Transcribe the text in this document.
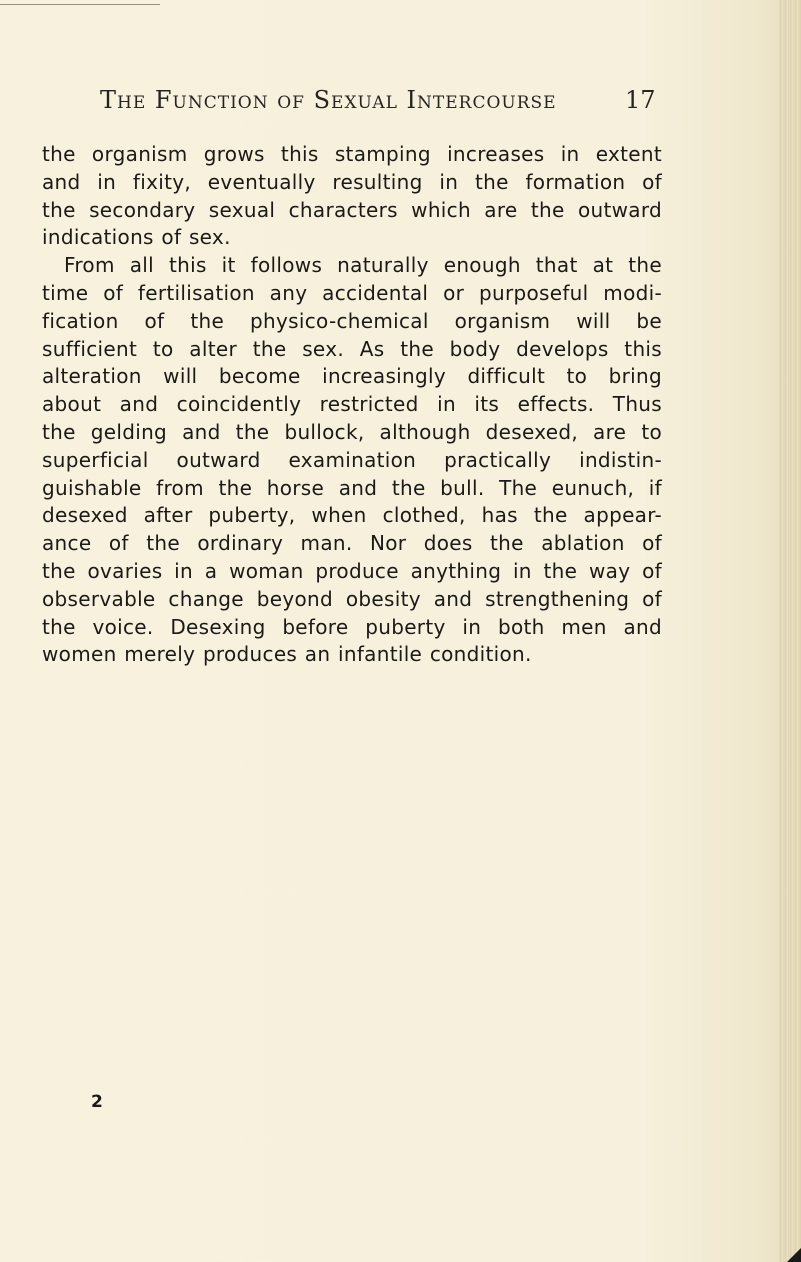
The Function of Sexual Intercourse	17
the organism grows this stamping increases in extent
and in fixity, eventually resulting in the formation of
the secondary sexual characters which are the outward
indications of sex.
From all this it follows naturally enough that at the
time of fertilisation any accidental or purposeful modi-
fication of the physico-chemical organism will be
sufficient to alter the sex. As the body develops this
alteration will become increasingly difficult to bring
about and coincidently restricted in its effects. Thus
the gelding and the bullock, although desexed, are to
superficial outward examination practically indistin-
guishable from the horse and the bull. The eunuch, if
desexed after puberty, when clothed, has the appear-
ance of the ordinary man. Nor does the ablation of
the ovaries in a woman produce anything in the way of
observable change beyond obesity and strengthening of
the voice. Desexing before puberty in both men and
women merely produces an infantile condition.
2
